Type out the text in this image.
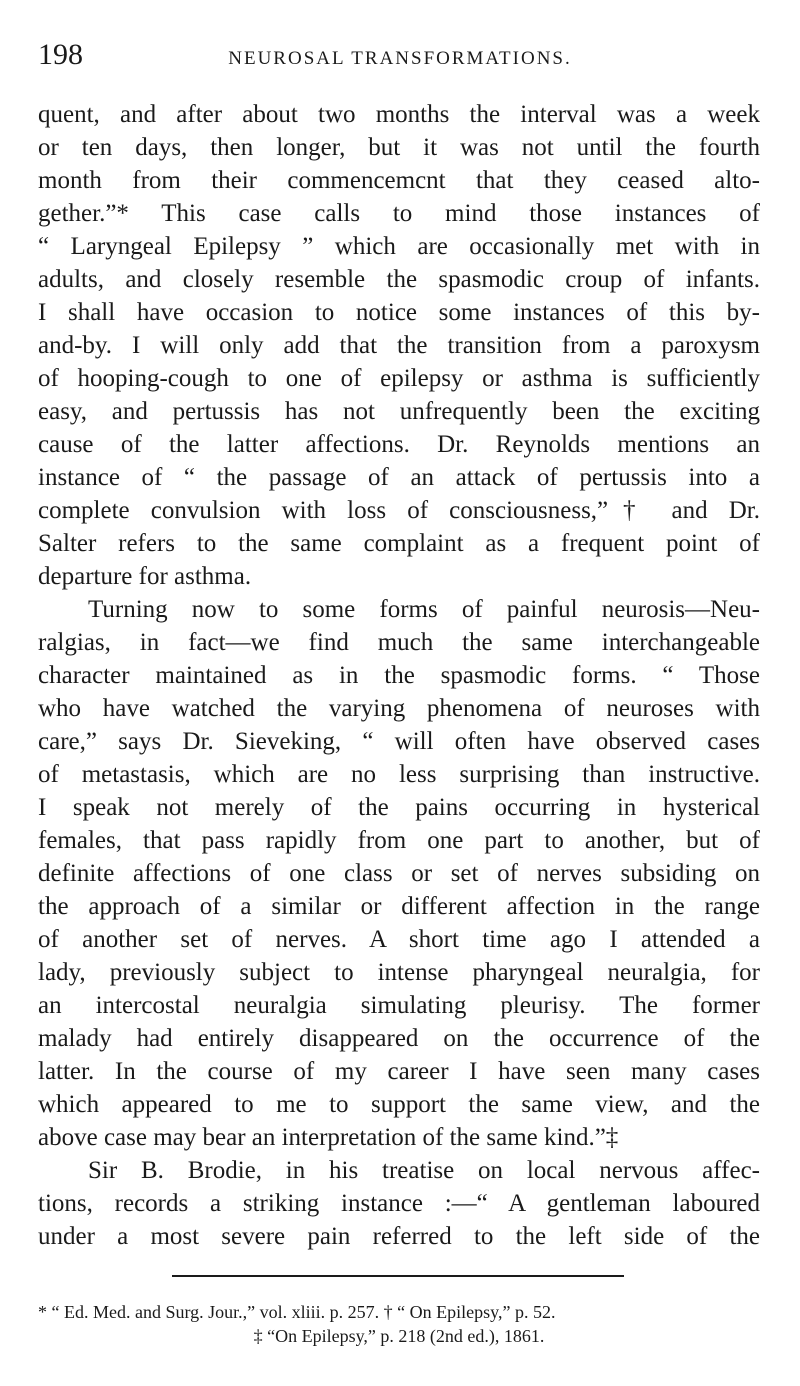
198	NEUROSAL TRANSFORMATIONS.
quent, and after about two months the interval was a week
or ten days, then longer, but it was not until the fourth
month from their commencemcnt that they ceased alto-
gether.”* This case calls to mind those instances of
“ Laryngeal Epilepsy ” which are occasionally met with in
adults, and closely resemble the spasmodic croup of infants.
I shall have occasion to notice some instances of this by-
and-by. I will only add that the transition from a paroxysm
of hooping-cough to one of epilepsy or asthma is sufficiently
easy, and pertussis has not unfrequently been the exciting
cause of the latter affections. Dr. Reynolds mentions an
instance of “ the passage of an attack of pertussis into a
complete convulsion with loss of consciousness,”† and Dr.
Salter refers to the same complaint as a frequent point of
departure for asthma.
Turning now to some forms of painful neurosis—Neu-
ralgias, in fact—we find much the same interchangeable
character maintained as in the spasmodic forms. “ Those
who have watched the varying phenomena of neuroses with
care,” says Dr. Sieveking, “ will often have observed cases
of metastasis, which are no less surprising than instructive.
I speak not merely of the pains occurring in hysterical
females, that pass rapidly from one part to another, but of
definite affections of one class or set of nerves subsiding on
the approach of a similar or different affection in the range
of another set of nerves. A short time ago I attended a
lady, previously subject to intense pharyngeal neuralgia, for
an intercostal neuralgia simulating pleurisy. The former
malady had entirely disappeared on the occurrence of the
latter. In the course of my career I have seen many cases
which appeared to me to support the same view, and the
above case may bear an interpretation of the same kind.”‡
Sir B. Brodie, in his treatise on local nervous affec-
tions, records a striking instance :—“ A gentleman laboured
under a most severe pain referred to the left side of the
* “ Ed. Med. and Surg. Jour.,” vol. xliii. p. 257. † “ On Epilepsy,” p. 52.
‡ “On Epilepsy,” p. 218 (2nd ed.), 1861.
